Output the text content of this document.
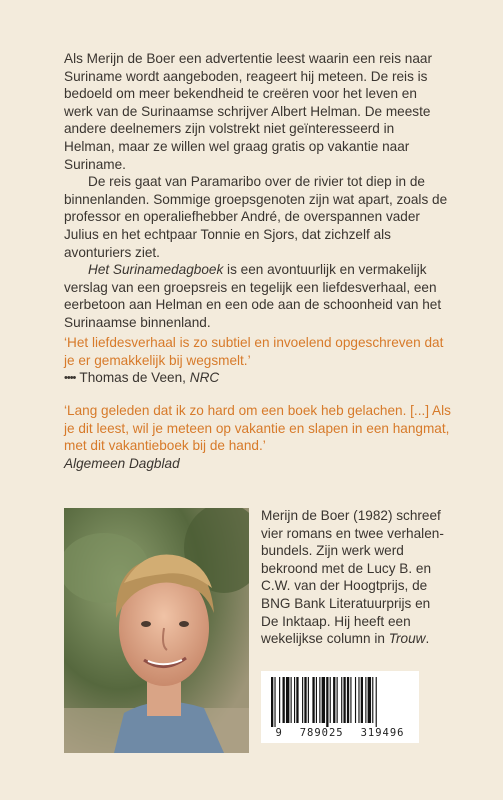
Als Merijn de Boer een advertentie leest waarin een reis naar Suriname wordt aangeboden, reageert hij meteen. De reis is bedoeld om meer bekendheid te creëren voor het leven en werk van de Surinaamse schrijver Albert Helman. De meeste andere deelnemers zijn volstrekt niet geïnteresseerd in Helman, maar ze willen wel graag gratis op vakantie naar Suriname.

De reis gaat van Paramaribo over de rivier tot diep in de binnenlanden. Sommige groepsgenoten zijn wat apart, zoals de professor en operaliefhebber André, de overspannen vader Julius en het echtpaar Tonnie en Sjors, dat zichzelf als avonturiers ziet.

Het Surinamedagboek is een avontuurlijk en vermakelijk verslag van een groepsreis en tegelijk een liefdesverhaal, een eerbetoon aan Helman en een ode aan de schoonheid van het Surinaamse binnenland.

‘Het liefdesverhaal is zo subtiel en invoelend opgeschreven dat je er gemakkelijk bij wegsmelt.’
•••• Thomas de Veen, NRC
‘Lang geleden dat ik zo hard om een boek heb gelachen. [...] Als je dit leest, wil je meteen op vakantie en slapen in een hangmat, met dit vakantieboek bij de hand.’
Algemeen Dagblad

Merijn de Boer (1982) schreef vier romans en twee verhalen-bundels. Zijn werk werd bekroond met de Lucy B. en C.W. van der Hoogtprijs, de BNG Bank Literatuurprijs en De Inktaap. Hij heeft een wekelijkse column in Trouw.

9 789025 319496
